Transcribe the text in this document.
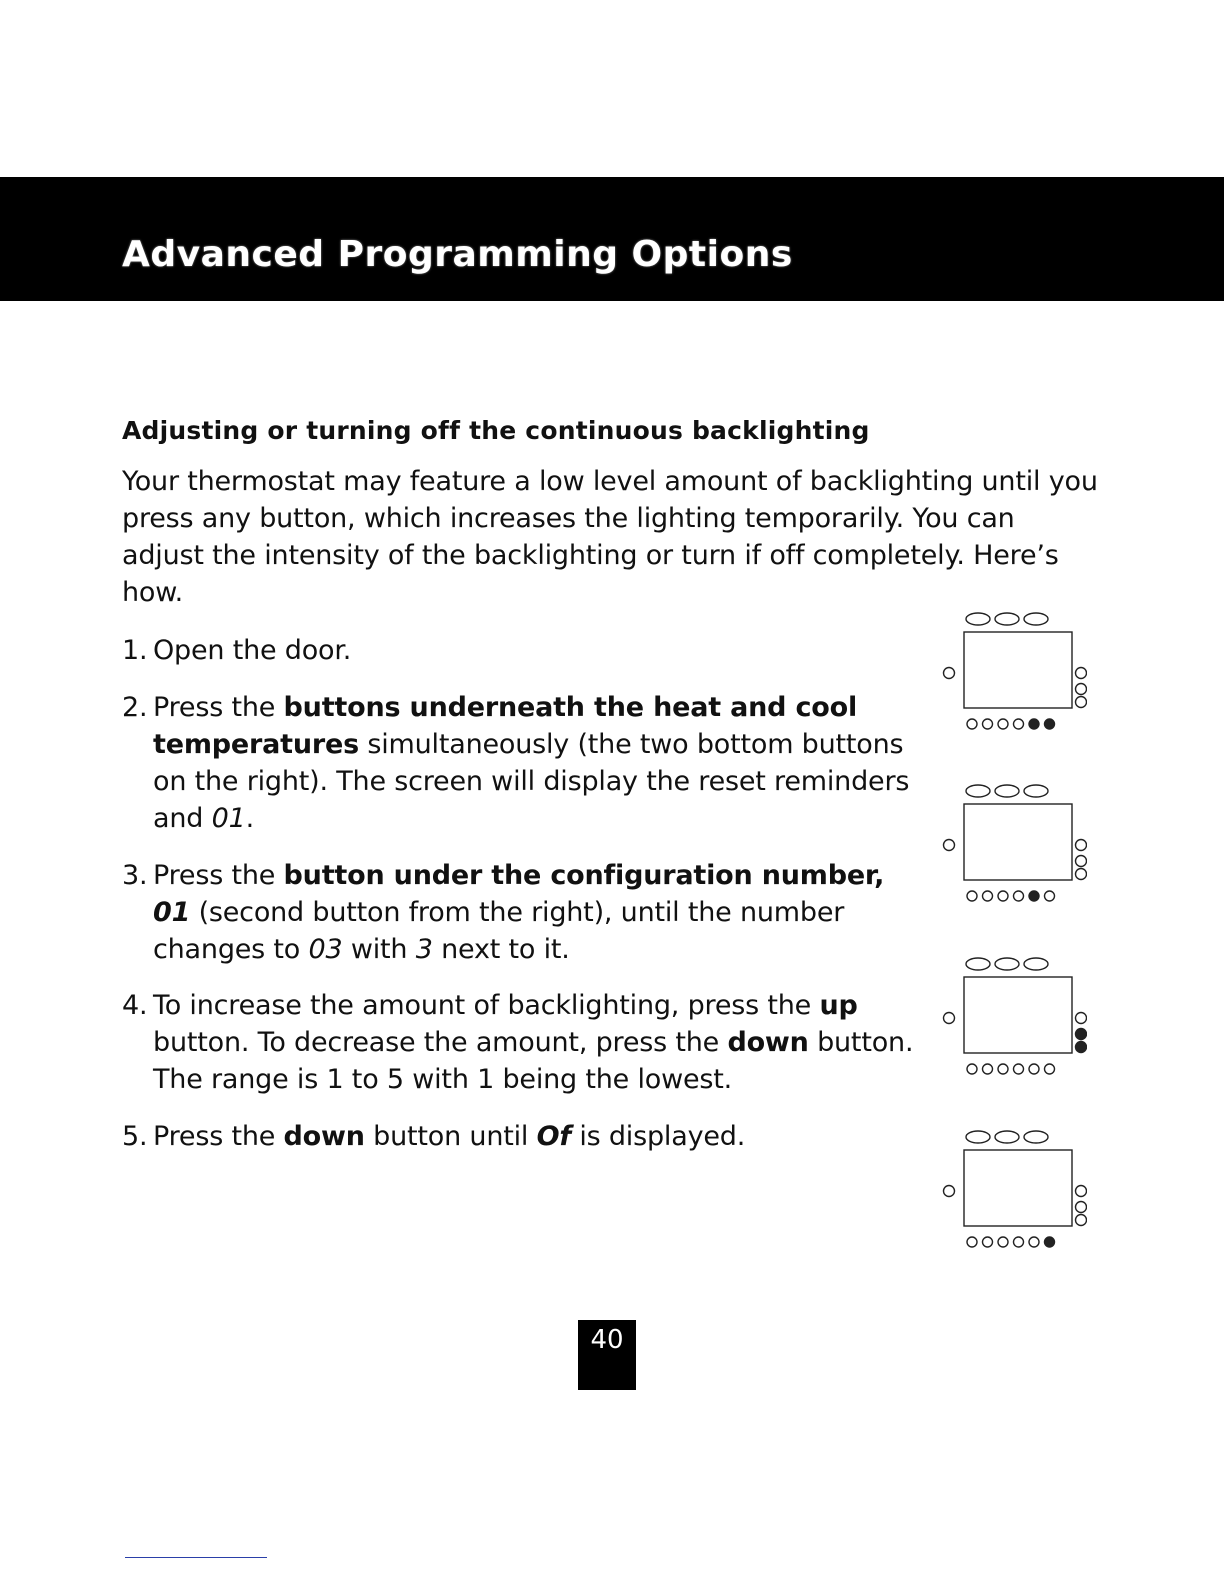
Advanced Programming Options
Adjusting or turning off the continuous backlighting

Your thermostat may feature a low level amount of backlighting until you press any button, which increases the lighting temporarily. You can adjust the intensity of the backlighting or turn if off completely. Here’s how.

1. Open the door.
2. Press the buttons underneath the heat and cool temperatures simultaneously (the two bottom buttons on the right). The screen will display the reset reminders and 01.
3. Press the button under the configuration number, 01 (second button from the right), until the number changes to 03 with 3 next to it.
4. To increase the amount of backlighting, press the up button. To decrease the amount, press the down button. The range is 1 to 5 with 1 being the lowest.
5. Press the down button until Of is displayed.
40
